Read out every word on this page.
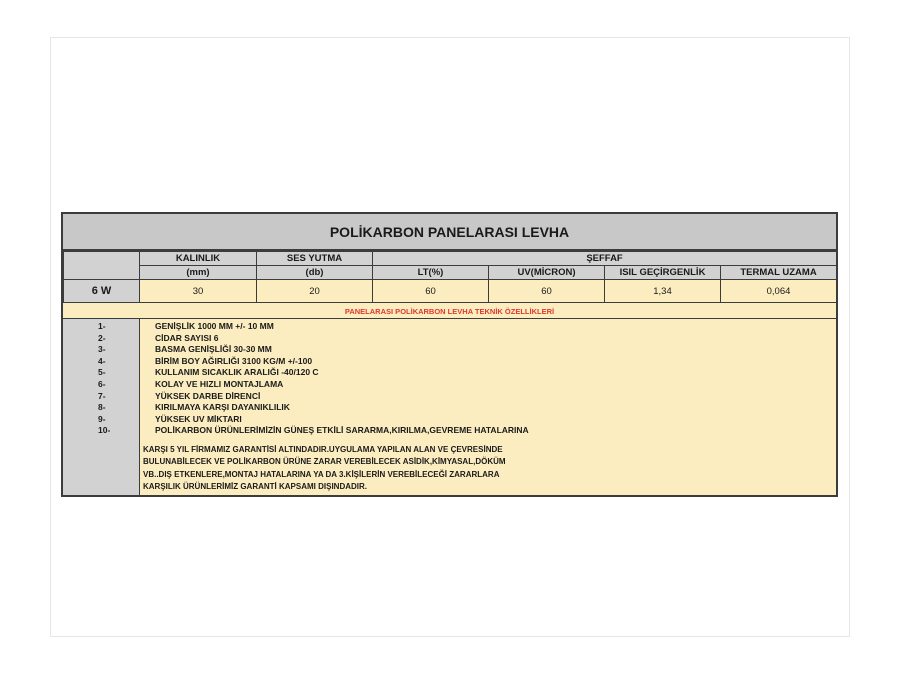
POLİKARBON PANELARASI LEVHA
	KALINLIK	SES YUTMA	ŞEFFAF			
	(mm)	(db)	LT(%)	UV(MİCRON)	ISIL GEÇİRGENLİK	TERMAL UZAMA
6 W	30	20	60	60	1,34	0,064
PANELARASI POLİKARBON LEVHA TEKNİK ÖZELLİKLERİ
1-	GENİŞLİK 1000 MM +/- 10 MM
2-	CİDAR SAYISI 6
3-	BASMA GENİŞLİĞİ 30-30 MM
4-	BİRİM BOY AĞIRLIĞI 3100 KG/M +/-100
5-	KULLANIM SICAKLIK ARALIĞI -40/120 C
6-	KOLAY VE HIZLI MONTAJLAMA
7-	YÜKSEK DARBE DİRENCİ
8-	KIRILMAYA KARŞI DAYANIKLILIK
9-	YÜKSEK UV MİKTARI
10-	POLİKARBON ÜRÜNLERİMİZİN GÜNEŞ ETKİLİ SARARMA,KIRILMA,GEVREME HATALARINA

KARŞI 5 YIL FİRMAMIZ GARANTİSİ ALTINDADIR.UYGULAMA YAPILAN ALAN VE ÇEVRESİNDE
BULUNABİLECEK VE POLİKARBON ÜRÜNE ZARAR VEREBİLECEK ASİDİK,KİMYASAL,DÖKÜM
VB..DIŞ ETKENLERE,MONTAJ HATALARINA YA DA 3.KİŞİLERİN VEREBİLECEĞİ ZARARLARA
KARŞILIK ÜRÜNLERİMİZ GARANTİ KAPSAMI DIŞINDADIR.
